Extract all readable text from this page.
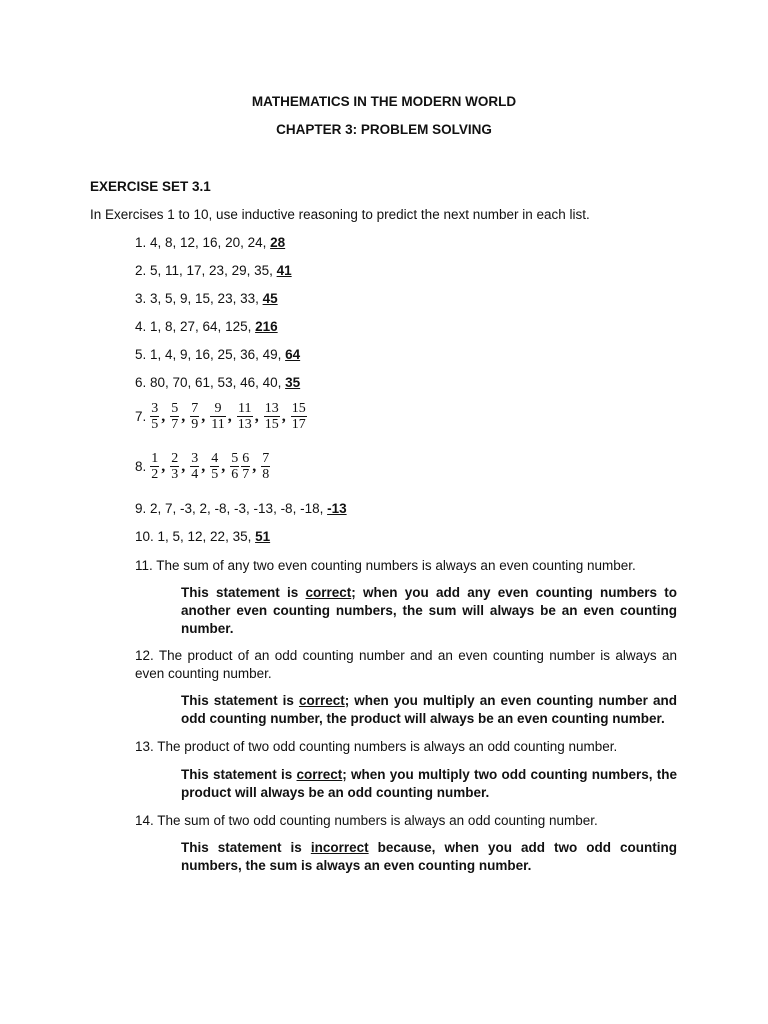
MATHEMATICS IN THE MODERN WORLD
CHAPTER 3: PROBLEM SOLVING
EXERCISE SET 3.1
In Exercises 1 to 10, use inductive reasoning to predict the next number in each list.
1. 4, 8, 12, 16, 20, 24, 28
2. 5, 11, 17, 23, 29, 35, 41
3. 3, 5, 9, 15, 23, 33, 45
4. 1, 8, 27, 64, 125, 216
5. 1, 4, 9, 16, 25, 36, 49, 64
6. 80, 70, 61, 53, 46, 40, 35
7. $\frac{3}{5}$ , $\frac{5}{7}$ , $\frac{7}{9}$ , $\frac{9}{11}$ , $\frac{11}{13}$ , $\frac{13}{15}$ , $\frac{15}{17}$
8. $\frac{1}{2}$ , $\frac{2}{3}$ , $\frac{3}{4}$ , $\frac{4}{5}$ , $\frac{5}{6} \frac{6}{7}$ , $\frac{7}{8}$
9. 2, 7, -3, 2, -8, -3, -13, -8, -18, -13
10. 1, 5, 12, 22, 35, 51
11. The sum of any two even counting numbers is always an even counting number.
This statement is correct; when you add any even counting numbers to another even counting numbers, the sum will always be an even counting number.
12. The product of an odd counting number and an even counting number is always an even counting number.
This statement is correct; when you multiply an even counting number and odd counting number, the product will always be an even counting number.
13. The product of two odd counting numbers is always an odd counting number.
This statement is correct; when you multiply two odd counting numbers, the product will always be an odd counting number.
14. The sum of two odd counting numbers is always an odd counting number.
This statement is incorrect because, when you add two odd counting numbers, the sum is always an even counting number.
